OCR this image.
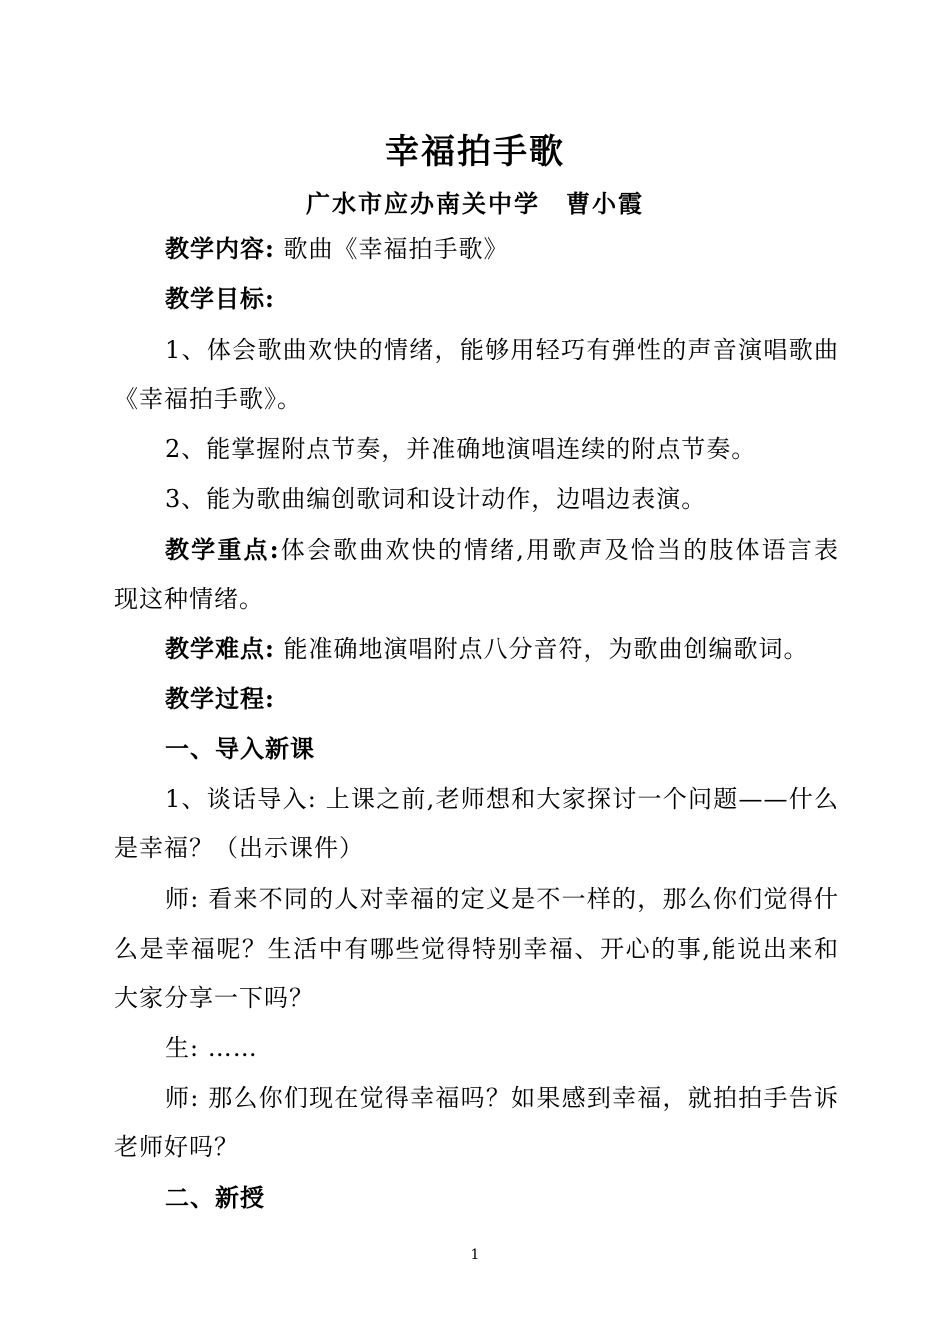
幸福拍手歌
广水市应办南关中学　曹小霞
教学内容: 歌曲《幸福拍手歌》
教学目标:
1、体会歌曲欢快的情绪，能够用轻巧有弹性的声音演唱歌曲
《幸福拍手歌》。
2、能掌握附点节奏，并准确地演唱连续的附点节奏。
3、能为歌曲编创歌词和设计动作，边唱边表演。
教学重点:体会歌曲欢快的情绪,用歌声及恰当的肢体语言表
现这种情绪。
教学难点: 能准确地演唱附点八分音符，为歌曲创编歌词。
教学过程:
一、导入新课
1、谈话导入: 上课之前,老师想和大家探讨一个问题——什么
是幸福？（出示课件）
师: 看来不同的人对幸福的定义是不一样的，那么你们觉得什
么是幸福呢？生活中有哪些觉得特别幸福、开心的事,能说出来和
大家分享一下吗？
生: ……
师: 那么你们现在觉得幸福吗？如果感到幸福，就拍拍手告诉
老师好吗？
二、新授
1
